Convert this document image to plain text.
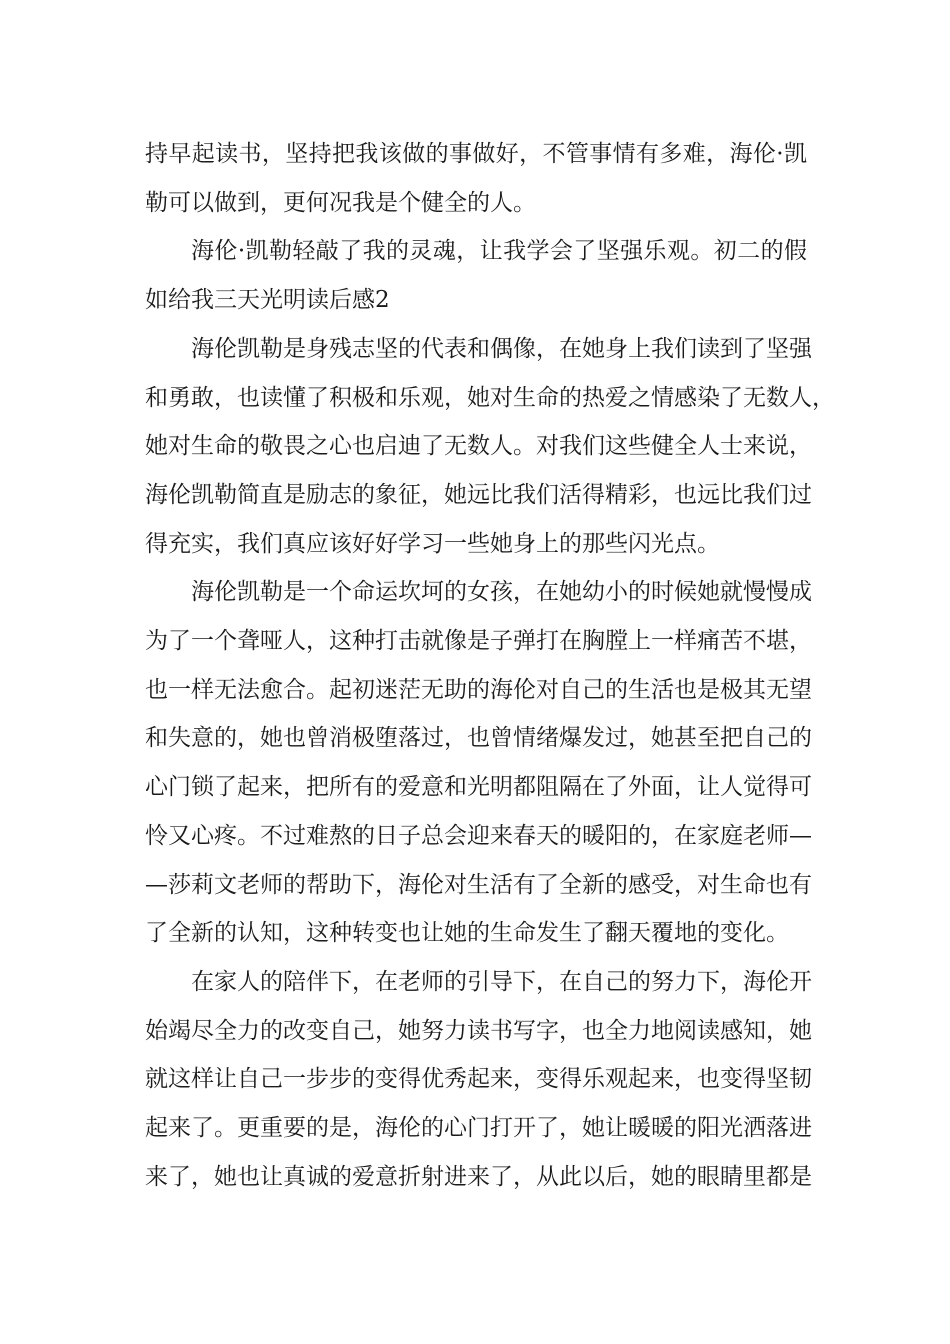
持早起读书，坚持把我该做的事做好，不管事情有多难，海伦·凯
勒可以做到，更何况我是个健全的人。

海伦·凯勒轻敲了我的灵魂，让我学会了坚强乐观。初二的假
如给我三天光明读后感2

海伦凯勒是身残志坚的代表和偶像，在她身上我们读到了坚强
和勇敢，也读懂了积极和乐观，她对生命的热爱之情感染了无数人，
她对生命的敬畏之心也启迪了无数人。对我们这些健全人士来说，
海伦凯勒简直是励志的象征，她远比我们活得精彩，也远比我们过
得充实，我们真应该好好学习一些她身上的那些闪光点。

海伦凯勒是一个命运坎坷的女孩，在她幼小的时候她就慢慢成
为了一个聋哑人，这种打击就像是子弹打在胸膛上一样痛苦不堪，
也一样无法愈合。起初迷茫无助的海伦对自己的生活也是极其无望
和失意的，她也曾消极堕落过，也曾情绪爆发过，她甚至把自己的
心门锁了起来，把所有的爱意和光明都阻隔在了外面，让人觉得可
怜又心疼。不过难熬的日子总会迎来春天的暖阳的，在家庭老师—
—莎莉文老师的帮助下，海伦对生活有了全新的感受，对生命也有
了全新的认知，这种转变也让她的生命发生了翻天覆地的变化。

在家人的陪伴下，在老师的引导下，在自己的努力下，海伦开
始竭尽全力的改变自己，她努力读书写字，也全力地阅读感知，她
就这样让自己一步步的变得优秀起来，变得乐观起来，也变得坚韧
起来了。更重要的是，海伦的心门打开了，她让暖暖的阳光洒落进
来了，她也让真诚的爱意折射进来了，从此以后，她的眼睛里都是
